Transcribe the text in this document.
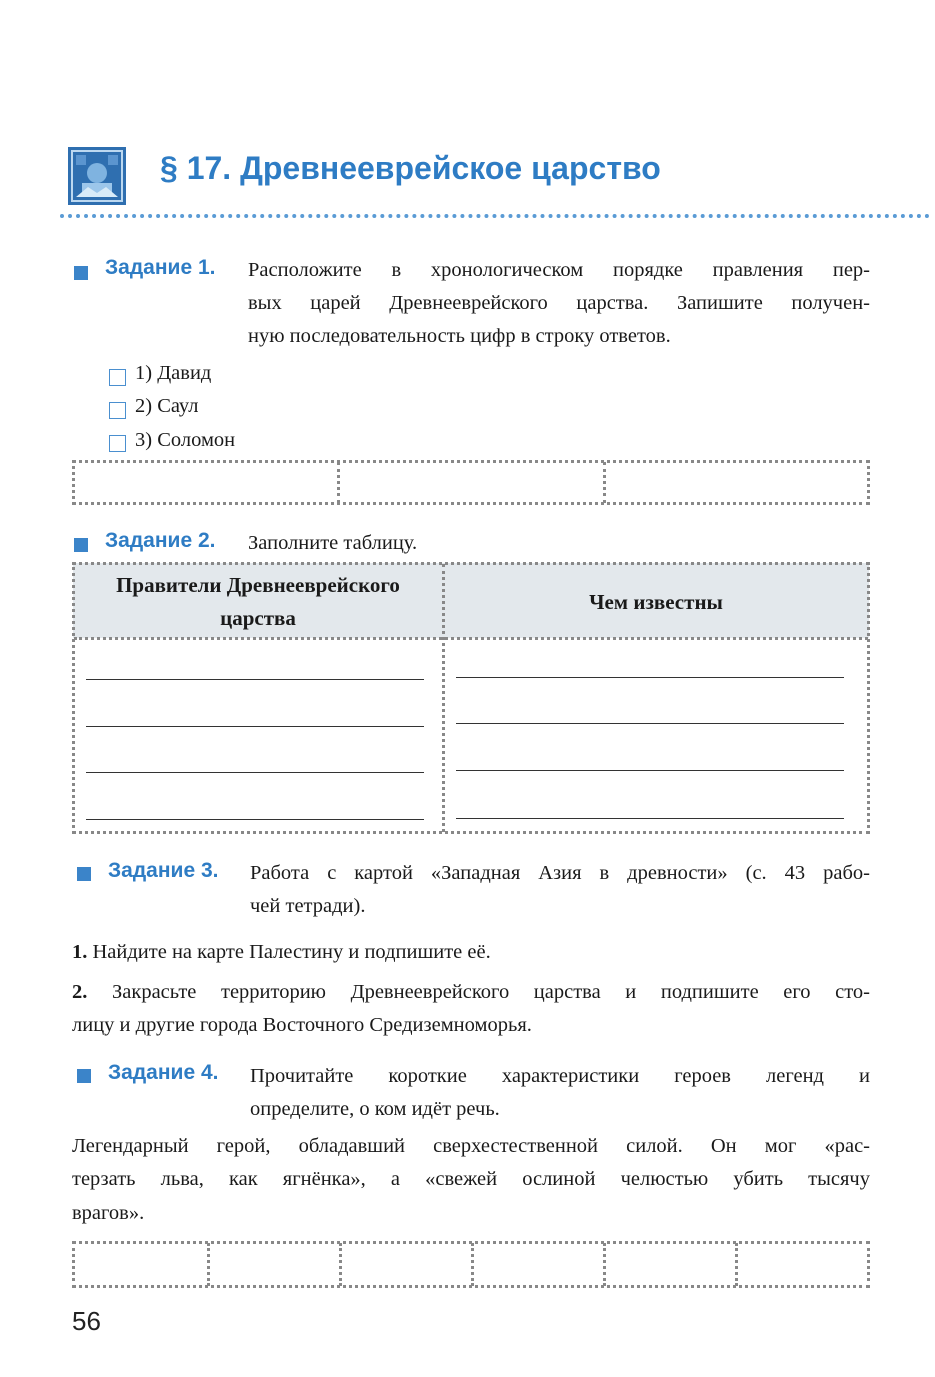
§ 17. Древнееврейское царство
Задание 1. Расположите в хронологическом порядке правления пер-
вых царей Древнееврейского царства. Запишите получен-
ную последовательность цифр в строку ответов.
1) Давид
2) Саул
3) Соломон
Задание 2. Заполните таблицу.
Правители Древнееврейского
царства
Чем известны
Задание 3. Работа с картой «Западная Азия в древности» (с. 43 рабо-
чей тетради).
1. Найдите на карте Палестину и подпишите её.
2. Закрасьте территорию Древнееврейского царства и подпишите его сто-
лицу и другие города Восточного Средиземноморья.
Задание 4. Прочитайте короткие характеристики героев легенд и
определите, о ком идёт речь.
Легендарный герой, обладавший сверхестественной силой. Он мог «рас-
терзать льва, как ягнёнка», а «свежей ослиной челюстью убить тысячу
врагов».
56
